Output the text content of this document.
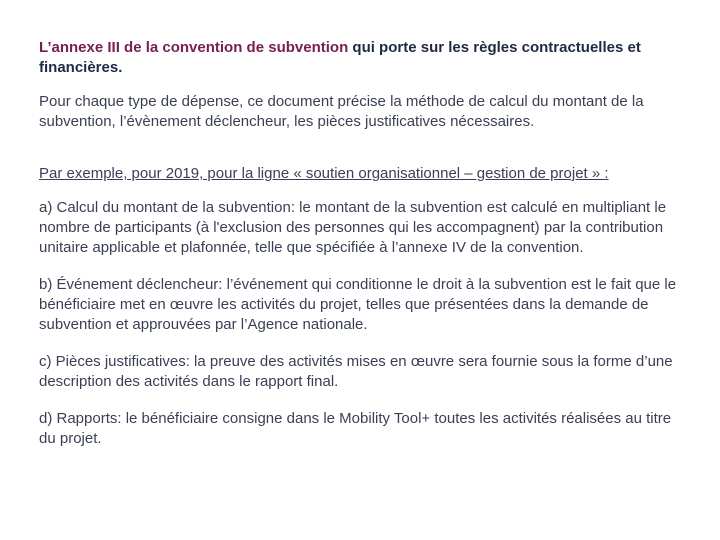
L’annexe III de la convention de subvention qui porte sur les règles contractuelles et financières.

Pour chaque type de dépense, ce document précise la méthode de calcul du montant de la subvention, l’évènement déclencheur, les pièces justificatives nécessaires.

Par exemple, pour 2019, pour la ligne « soutien organisationnel – gestion de projet » :

a) Calcul du montant de la subvention: le montant de la subvention est calculé en multipliant le nombre de participants (à l'exclusion des personnes qui les accompagnent) par la contribution unitaire applicable et plafonnée, telle que spécifiée à l’annexe IV de la convention.

b) Événement déclencheur: l’événement qui conditionne le droit à la subvention est le fait que le bénéficiaire met en œuvre les activités du projet, telles que présentées dans la demande de subvention et approuvées par l’Agence nationale.

c) Pièces justificatives: la preuve des activités mises en œuvre sera fournie sous la forme d’une description des activités dans le rapport final.

d) Rapports: le bénéficiaire consigne dans le Mobility Tool+ toutes les activités réalisées au titre du projet.
